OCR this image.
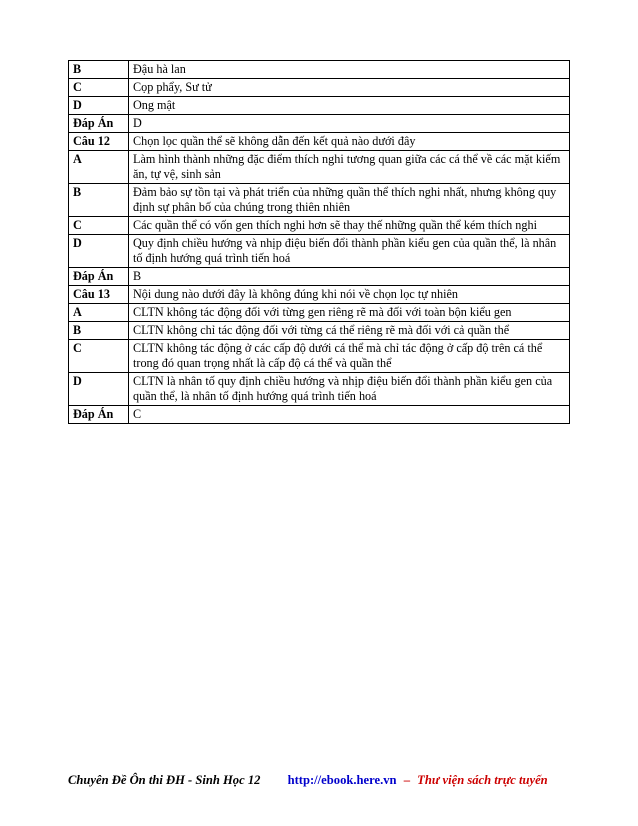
B	Đậu hà lan
C	Cọp phẩy, Sư tử
D	Ong mật
Đáp Án	D
Câu 12	Chọn lọc quần thể sẽ không dẫn đến kết quả nào dưới đây
A	Làm hình thành những đặc điểm thích nghi tương quan giữa các cá thể về các mặt kiếm ăn, tự vệ, sinh sản
B	Đảm bảo sự tồn tại và phát triển của những quần thể thích nghi nhất, nhưng không quy định sự phân bố của chúng trong thiên nhiên
C	Các quần thể có vốn gen thích nghi hơn sẽ thay thế những quần thể kém thích nghi
D	Quy định chiều hướng và nhịp điệu biến đổi thành phần kiểu gen của quần thể, là nhân tố định hướng quá trình tiến hoá
Đáp Án	B
Câu 13	Nội dung nào dưới đây là không đúng khi nói về chọn lọc tự nhiên
A	CLTN không tác động đối với từng gen riêng rẽ mà đối với toàn bộn kiểu gen
B	CLTN không chỉ tác động đối với từng cá thể riêng rẽ mà đối với cả quần thể
C	CLTN không tác động ở các cấp độ dưới cá thể mà chỉ tác động ở cấp độ trên cá thể trong đó quan trọng nhất là cấp độ cá thể và quần thể
D	CLTN là nhân tố quy định chiều hướng và nhịp điệu biến đổi thành phần kiểu gen của quần thể, là nhân tố định hướng quá trình tiến hoá
Đáp Án	C
Chuyên Đề Ôn thi ĐH - Sinh Học 12 http://ebook.here.vn – Thư viện sách trực tuyến
